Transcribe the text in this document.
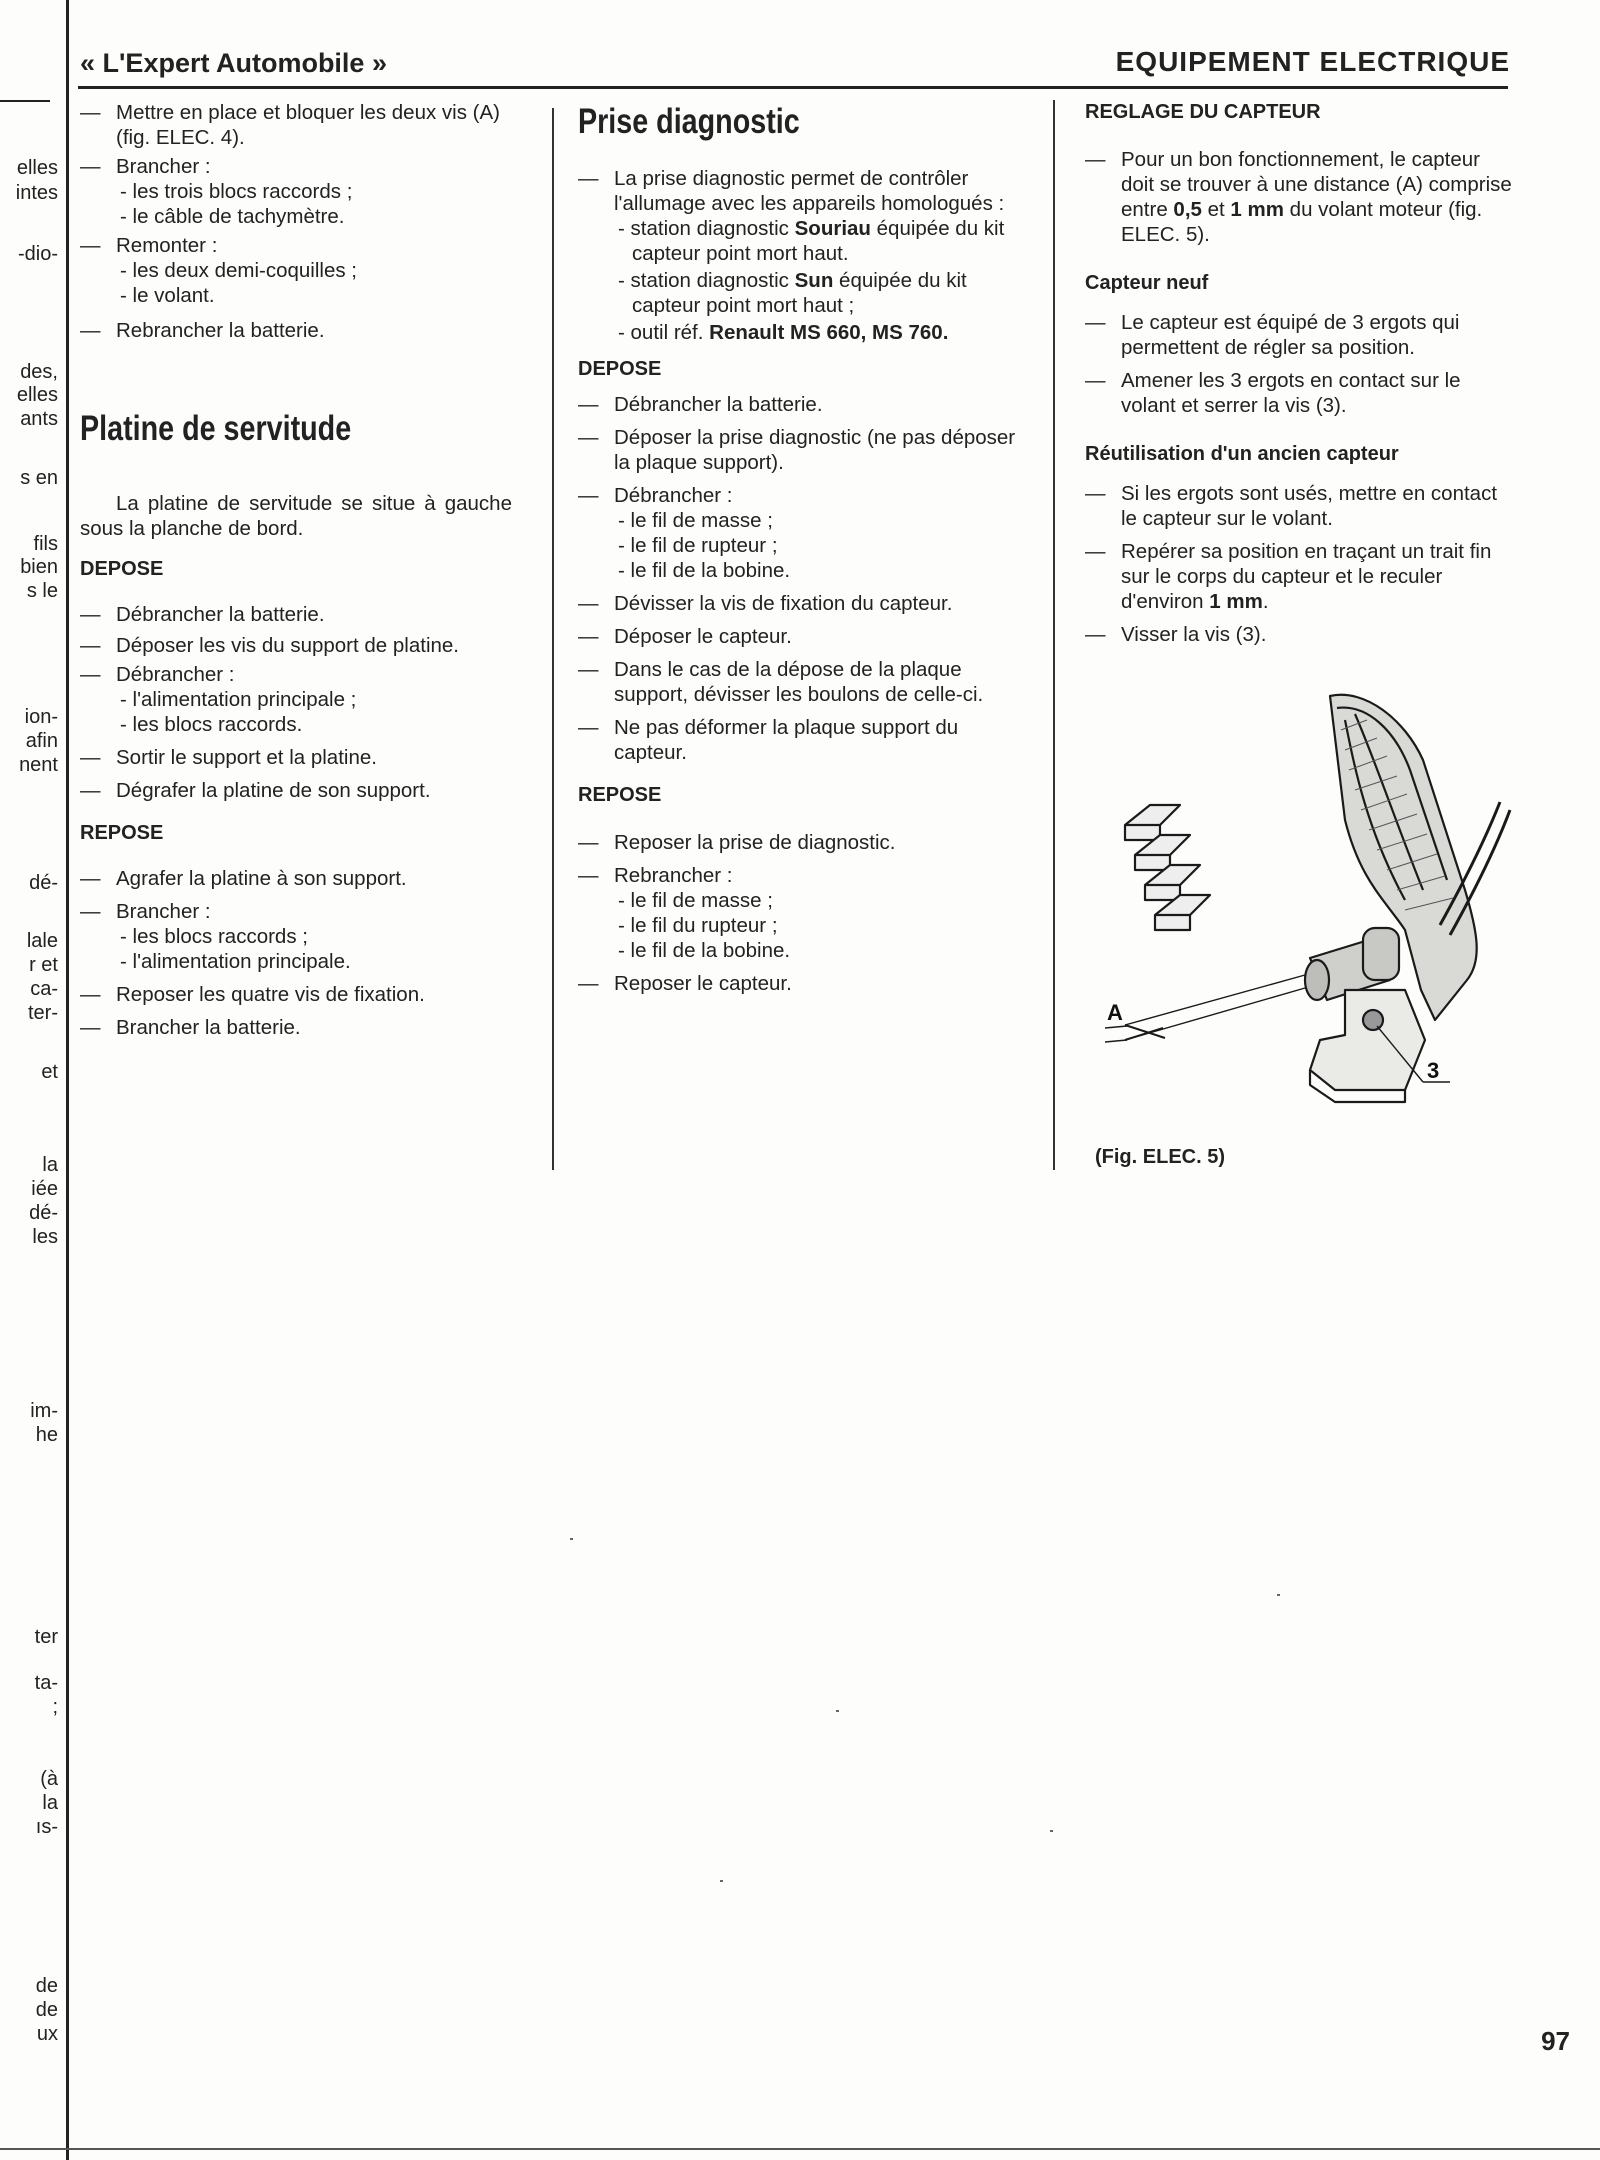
elles
intes
-dio-
des,
elles
ants
s en
fils
bien
s le
ion-
afin
nent
dé-
lale
r et
ca-
ter-
et
la
iée
dé-
les
im-
he
ter
ta-
;
(à
la
ıs-
de
de
ux
« L'Expert Automobile »	EQUIPEMENT ELECTRIQUE

— Mettre en place et bloquer les deux vis (A) (fig. ELEC. 4).

— Brancher :

- les trois blocs raccords ;

- le câble de tachymètre.

— Remonter :

- les deux demi-coquilles ;

- le volant.

— Rebrancher la batterie.

Platine de servitude

La platine de servitude se situe à gauche sous la planche de bord.

DEPOSE

— Débrancher la batterie.

— Déposer les vis du support de platine.

— Débrancher :

- l'alimentation principale ;

- les blocs raccords.

— Sortir le support et la platine.

— Dégrafer la platine de son support.

REPOSE

— Agrafer la platine à son support.

— Brancher :

- les blocs raccords ;

- l'alimentation principale.

— Reposer les quatre vis de fixation.

— Brancher la batterie.

Prise diagnostic

— La prise diagnostic permet de contrôler l'allumage avec les appareils homologués :

- station diagnostic Souriau équipée du kit capteur point mort haut.

- station diagnostic Sun équipée du kit capteur point mort haut ;

- outil réf. Renault MS 660, MS 760.

DEPOSE

— Débrancher la batterie.

— Déposer la prise diagnostic (ne pas déposer la plaque support).

— Débrancher :

- le fil de masse ;

- le fil de rupteur ;

- le fil de la bobine.

— Dévisser la vis de fixation du capteur.

— Déposer le capteur.

— Dans le cas de la dépose de la plaque support, dévisser les boulons de celle-ci.

— Ne pas déformer la plaque support du capteur.

REPOSE

— Reposer la prise de diagnostic.

— Rebrancher :

- le fil de masse ;

- le fil du rupteur ;

- le fil de la bobine.

— Reposer le capteur.

REGLAGE DU CAPTEUR

— Pour un bon fonctionnement, le capteur doit se trouver à une distance (A) comprise entre 0,5 et 1 mm du volant moteur (fig. ELEC. 5).

Capteur neuf

— Le capteur est équipé de 3 ergots qui permettent de régler sa position.

— Amener les 3 ergots en contact sur le volant et serrer la vis (3).

Réutilisation d'un ancien capteur

— Si les ergots sont usés, mettre en contact le capteur sur le volant.

— Repérer sa position en traçant un trait fin sur le corps du capteur et le reculer d'environ 1 mm.

— Visser la vis (3).

A
3
(Fig. ELEC. 5)
97
